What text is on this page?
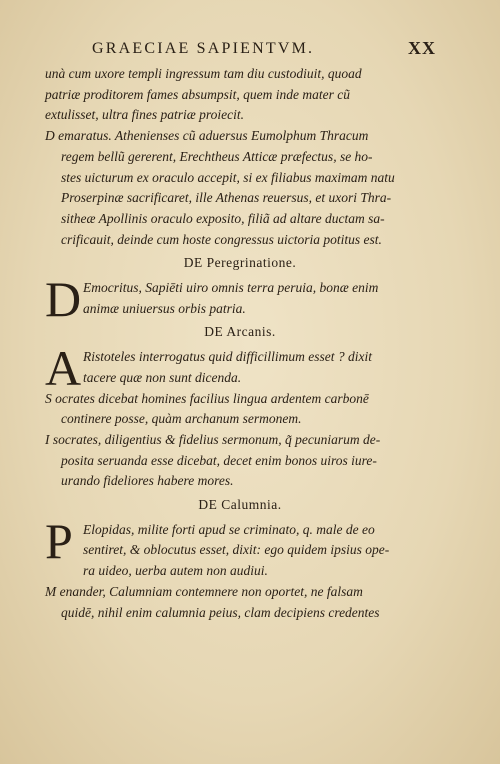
GRAECIAE SAPIENTVM.	XX
unà cum uxore templi ingressum tam diu custodiuit, quoad
patriæ proditorem fames absumpsit, quem inde mater cũ
extulisset, ultra fines patriæ proiecit.
D emaratus. Athenienses cũ aduersus Eumolphum Thracum
regem bellũ gererent, Erechtheus Atticæ præfectus, se ho-
stes uicturum ex oraculo accepit, si ex filiabus maximam natu
Proserpinæ sacrificaret, ille Athenas reuersus, et uxori Thra-
sitheæ Apollinis oraculo exposito, filiã ad altare ductam sa-
crificauit, deinde cum hoste congressus uictoria potitus est.
DE Peregrinatione.
D Emocritus, Sapiēti uiro omnis terra peruia, bonæ enim
animæ uniuersus orbis patria.
DE Arcanis.
A Ristoteles interrogatus quid difficillimum esset ? dixit
tacere quæ non sunt dicenda.
S ocrates dicebat homines facilius lingua ardentem carbonē
continere posse, quàm archanum sermonem.
I socrates, diligentius & fidelius sermonum, q̃ pecuniarum de-
posita seruanda esse dicebat, decet enim bonos uiros iure-
urando fideliores habere mores.
DE Calumnia.
P Elopidas, milite forti apud se criminato, q. male de eo
sentiret, & oblocutus esset, dixit: ego quidem ipsius ope-
ra uideo, uerba autem non audiui.
M enander, Calumniam contemnere non oportet, ne falsam
quidē, nihil enim calumnia peius, clam decipiens credentes
